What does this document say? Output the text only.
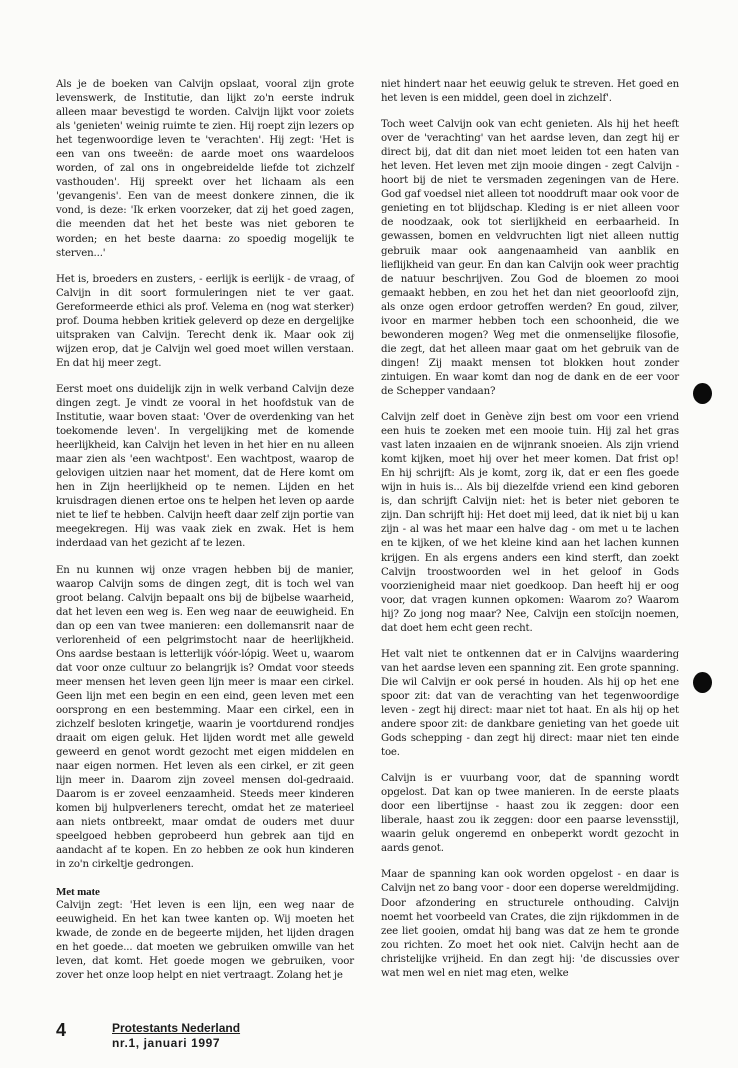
Als je de boeken van Calvijn opslaat, vooral zijn grote levenswerk, de Institutie, dan lijkt zo'n eerste indruk alleen maar bevestigd te worden. Calvijn lijkt voor zoiets als 'genieten' weinig ruimte te zien. Hij roept zijn lezers op het tegenwoordige leven te 'verachten'. Hij zegt: 'Het is een van ons tweeën: de aarde moet ons waardeloos worden, of zal ons in ongebreidelde liefde tot zichzelf vasthouden'. Hij spreekt over het lichaam als een 'gevangenis'. Een van de meest donkere zinnen, die ik vond, is deze: 'Ik erken voorzeker, dat zij het goed zagen, die meenden dat het het beste was niet geboren te worden; en het beste daarna: zo spoedig mogelijk te sterven...'

Het is, broeders en zusters, - eerlijk is eerlijk - de vraag, of Calvijn in dit soort formuleringen niet te ver gaat. Gereformeerde ethici als prof. Velema en (nog wat sterker) prof. Douma hebben kritiek geleverd op deze en dergelijke uitspraken van Calvijn. Terecht denk ik. Maar ook zij wijzen erop, dat je Calvijn wel goed moet willen verstaan. En dat hij meer zegt.

Eerst moet ons duidelijk zijn in welk verband Calvijn deze dingen zegt. Je vindt ze vooral in het hoofdstuk van de Institutie, waar boven staat: 'Over de overdenking van het toekomende leven'. In vergelijking met de komende heerlijkheid, kan Calvijn het leven in het hier en nu alleen maar zien als 'een wachtpost'. Een wachtpost, waarop de gelovigen uitzien naar het moment, dat de Here komt om hen in Zijn heerlijkheid op te nemen. Lijden en het kruisdragen dienen ertoe ons te helpen het leven op aarde niet te lief te hebben. Calvijn heeft daar zelf zijn portie van meegekregen. Hij was vaak ziek en zwak. Het is hem inderdaad van het gezicht af te lezen.

En nu kunnen wij onze vragen hebben bij de manier, waarop Calvijn soms de dingen zegt, dit is toch wel van groot belang. Calvijn bepaalt ons bij de bijbelse waarheid, dat het leven een weg is. Een weg naar de eeuwigheid. En dan op een van twee manieren: een dollemansrit naar de verlorenheid of een pelgrimstocht naar de heerlijkheid. Ons aardse bestaan is letterlijk vóór-lópig. Weet u, waarom dat voor onze cultuur zo belangrijk is? Omdat voor steeds meer mensen het leven geen lijn meer is maar een cirkel. Geen lijn met een begin en een eind, geen leven met een oorsprong en een bestemming. Maar een cirkel, een in zichzelf besloten kringetje, waarin je voortdurend rondjes draait om eigen geluk. Het lijden wordt met alle geweld geweerd en genot wordt gezocht met eigen middelen en naar eigen normen. Het leven als een cirkel, er zit geen lijn meer in. Daarom zijn zoveel mensen dol-gedraaid. Daarom is er zoveel eenzaamheid. Steeds meer kinderen komen bij hulpverleners terecht, omdat het ze materieel aan niets ontbreekt, maar omdat de ouders met duur speelgoed hebben geprobeerd hun gebrek aan tijd en aandacht af te kopen. En zo hebben ze ook hun kinderen in zo'n cirkeltje gedrongen.

Met mate

Calvijn zegt: 'Het leven is een lijn, een weg naar de eeuwigheid. En het kan twee kanten op. Wij moeten het kwade, de zonde en de begeerte mijden, het lijden dragen en het goede... dat moeten we gebruiken omwille van het leven, dat komt. Het goede mogen we gebruiken, voor zover het onze loop helpt en niet vertraagt. Zolang het je

niet hindert naar het eeuwig geluk te streven. Het goed en het leven is een middel, geen doel in zichzelf'.

Toch weet Calvijn ook van echt genieten. Als hij het heeft over de 'verachting' van het aardse leven, dan zegt hij er direct bij, dat dit dan niet moet leiden tot een haten van het leven. Het leven met zijn mooie dingen - zegt Calvijn - hoort bij de niet te versmaden zegeningen van de Here. God gaf voedsel niet alleen tot nooddruft maar ook voor de genieting en tot blijdschap. Kleding is er niet alleen voor de noodzaak, ook tot sierlijkheid en eerbaarheid. In gewassen, bomen en veldvruchten ligt niet alleen nuttig gebruik maar ook aangenaamheid van aanblik en lieflijkheid van geur. En dan kan Calvijn ook weer prachtig de natuur beschrijven. Zou God de bloemen zo mooi gemaakt hebben, en zou het het dan niet geoorloofd zijn, als onze ogen erdoor getroffen werden? En goud, zilver, ivoor en marmer hebben toch een schoonheid, die we bewonderen mogen? Weg met die onmenselijke filosofie, die zegt, dat het alleen maar gaat om het gebruik van de dingen! Zij maakt mensen tot blokken hout zonder zintuigen. En waar komt dan nog de dank en de eer voor de Schepper vandaan?

Calvijn zelf doet in Genève zijn best om voor een vriend een huis te zoeken met een mooie tuin. Hij zal het gras vast laten inzaaien en de wijnrank snoeien. Als zijn vriend komt kijken, moet hij over het meer komen. Dat frist op! En hij schrijft: Als je komt, zorg ik, dat er een fles goede wijn in huis is... Als bij diezelfde vriend een kind geboren is, dan schrijft Calvijn niet: het is beter niet geboren te zijn. Dan schrijft hij: Het doet mij leed, dat ik niet bij u kan zijn - al was het maar een halve dag - om met u te lachen en te kijken, of we het kleine kind aan het lachen kunnen krijgen. En als ergens anders een kind sterft, dan zoekt Calvijn troostwoorden wel in het geloof in Gods voorzienigheid maar niet goedkoop. Dan heeft hij er oog voor, dat vragen kunnen opkomen: Waarom zo? Waarom hij? Zo jong nog maar? Nee, Calvijn een stoïcijn noemen, dat doet hem echt geen recht.

Het valt niet te ontkennen dat er in Calvijns waardering van het aardse leven een spanning zit. Een grote spanning. Die wil Calvijn er ook persé in houden. Als hij op het ene spoor zit: dat van de verachting van het tegenwoordige leven - zegt hij direct: maar niet tot haat. En als hij op het andere spoor zit: de dankbare genieting van het goede uit Gods schepping - dan zegt hij direct: maar niet ten einde toe.

Calvijn is er vuurbang voor, dat de spanning wordt opgelost. Dat kan op twee manieren. In de eerste plaats door een libertijnse - haast zou ik zeggen: door een liberale, haast zou ik zeggen: door een paarse levensstijl, waarin geluk ongeremd en onbeperkt wordt gezocht in aards genot.

Maar de spanning kan ook worden opgelost - en daar is Calvijn net zo bang voor - door een doperse wereldmijding. Door afzondering en structurele onthouding. Calvijn noemt het voorbeeld van Crates, die zijn rijkdommen in de zee liet gooien, omdat hij bang was dat ze hem te gronde zou richten. Zo moet het ook niet. Calvijn hecht aan de christelijke vrijheid. En dan zegt hij: 'de discussies over wat men wel en niet mag eten, welke

4	Protestants Nederland
nr.1, januari 1997
